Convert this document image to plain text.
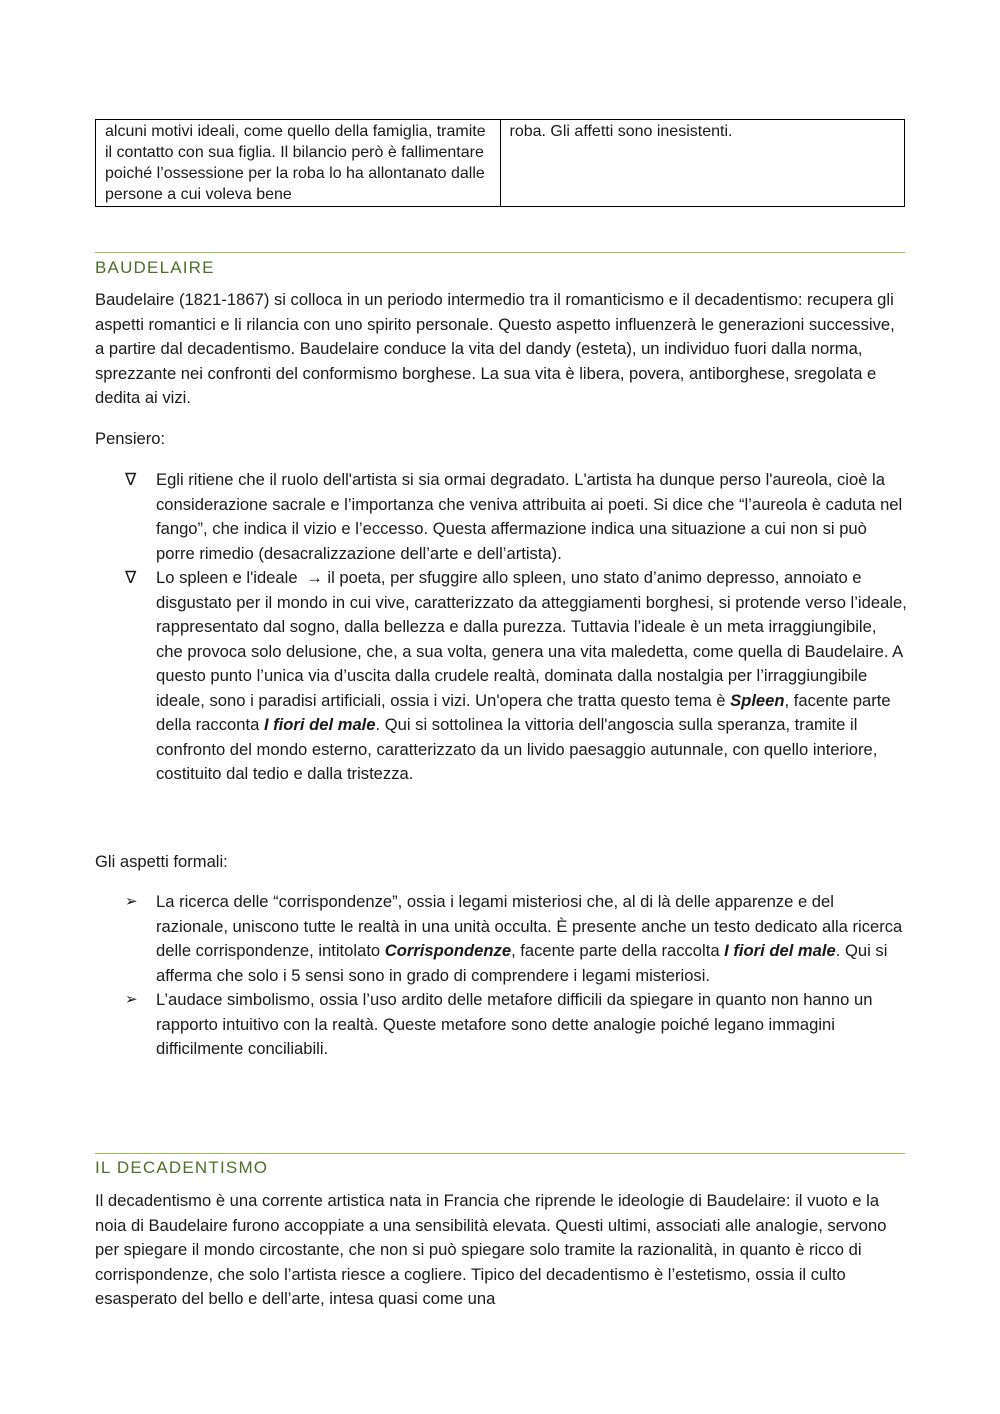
alcuni motivi ideali, come quello della famiglia, tramite il contatto con sua figlia. Il bilancio però è fallimentare poiché l’ossessione per la roba lo ha allontanato dalle persone a cui voleva bene	roba. Gli affetti sono inesistenti.
BAUDELAIRE

Baudelaire (1821-1867) si colloca in un periodo intermedio tra il romanticismo e il decadentismo: recupera gli aspetti romantici e li rilancia con uno spirito personale. Questo aspetto influenzerà le generazioni successive, a partire dal decadentismo. Baudelaire conduce la vita del dandy (esteta), un individuo fuori dalla norma, sprezzante nei confronti del conformismo borghese. La sua vita è libera, povera, antiborghese, sregolata e dedita ai vizi.

Pensiero:

∇	Egli ritiene che il ruolo dell'artista si sia ormai degradato. L'artista ha dunque perso l'aureola, cioè la considerazione sacrale e l’importanza che veniva attribuita ai poeti. Si dice che “l’aureola è caduta nel fango”, che indica il vizio e l’eccesso. Questa affermazione indica una situazione a cui non si può porre rimedio (desacralizzazione dell’arte e dell’artista).
∇	Lo spleen e l'ideale → il poeta, per sfuggire allo spleen, uno stato d’animo depresso, annoiato e disgustato per il mondo in cui vive, caratterizzato da atteggiamenti borghesi, si protende verso l’ideale, rappresentato dal sogno, dalla bellezza e dalla purezza. Tuttavia l’ideale è un meta irraggiungibile, che provoca solo delusione, che, a sua volta, genera una vita maledetta, come quella di Baudelaire. A questo punto l’unica via d’uscita dalla crudele realtà, dominata dalla nostalgia per l’irraggiungibile ideale, sono i paradisi artificiali, ossia i vizi. Un'opera che tratta questo tema è Spleen, facente parte della racconta I fiori del male. Qui si sottolinea la vittoria dell'angoscia sulla speranza, tramite il confronto del mondo esterno, caratterizzato da un livido paesaggio autunnale, con quello interiore, costituito dal tedio e dalla tristezza.

Gli aspetti formali:

➢	La ricerca delle “corrispondenze”, ossia i legami misteriosi che, al di là delle apparenze e del razionale, uniscono tutte le realtà in una unità occulta. È presente anche un testo dedicato alla ricerca delle corrispondenze, intitolato Corrispondenze, facente parte della raccolta I fiori del male. Qui si afferma che solo i 5 sensi sono in grado di comprendere i legami misteriosi.
➢	L’audace simbolismo, ossia l’uso ardito delle metafore difficili da spiegare in quanto non hanno un rapporto intuitivo con la realtà. Queste metafore sono dette analogie poiché legano immagini difficilmente conciliabili.
IL DECADENTISMO

Il decadentismo è una corrente artistica nata in Francia che riprende le ideologie di Baudelaire: il vuoto e la noia di Baudelaire furono accoppiate a una sensibilità elevata. Questi ultimi, associati alle analogie, servono per spiegare il mondo circostante, che non si può spiegare solo tramite la razionalità, in quanto è ricco di corrispondenze, che solo l’artista riesce a cogliere. Tipico del decadentismo è l’estetismo, ossia il culto esasperato del bello e dell’arte, intesa quasi come una
